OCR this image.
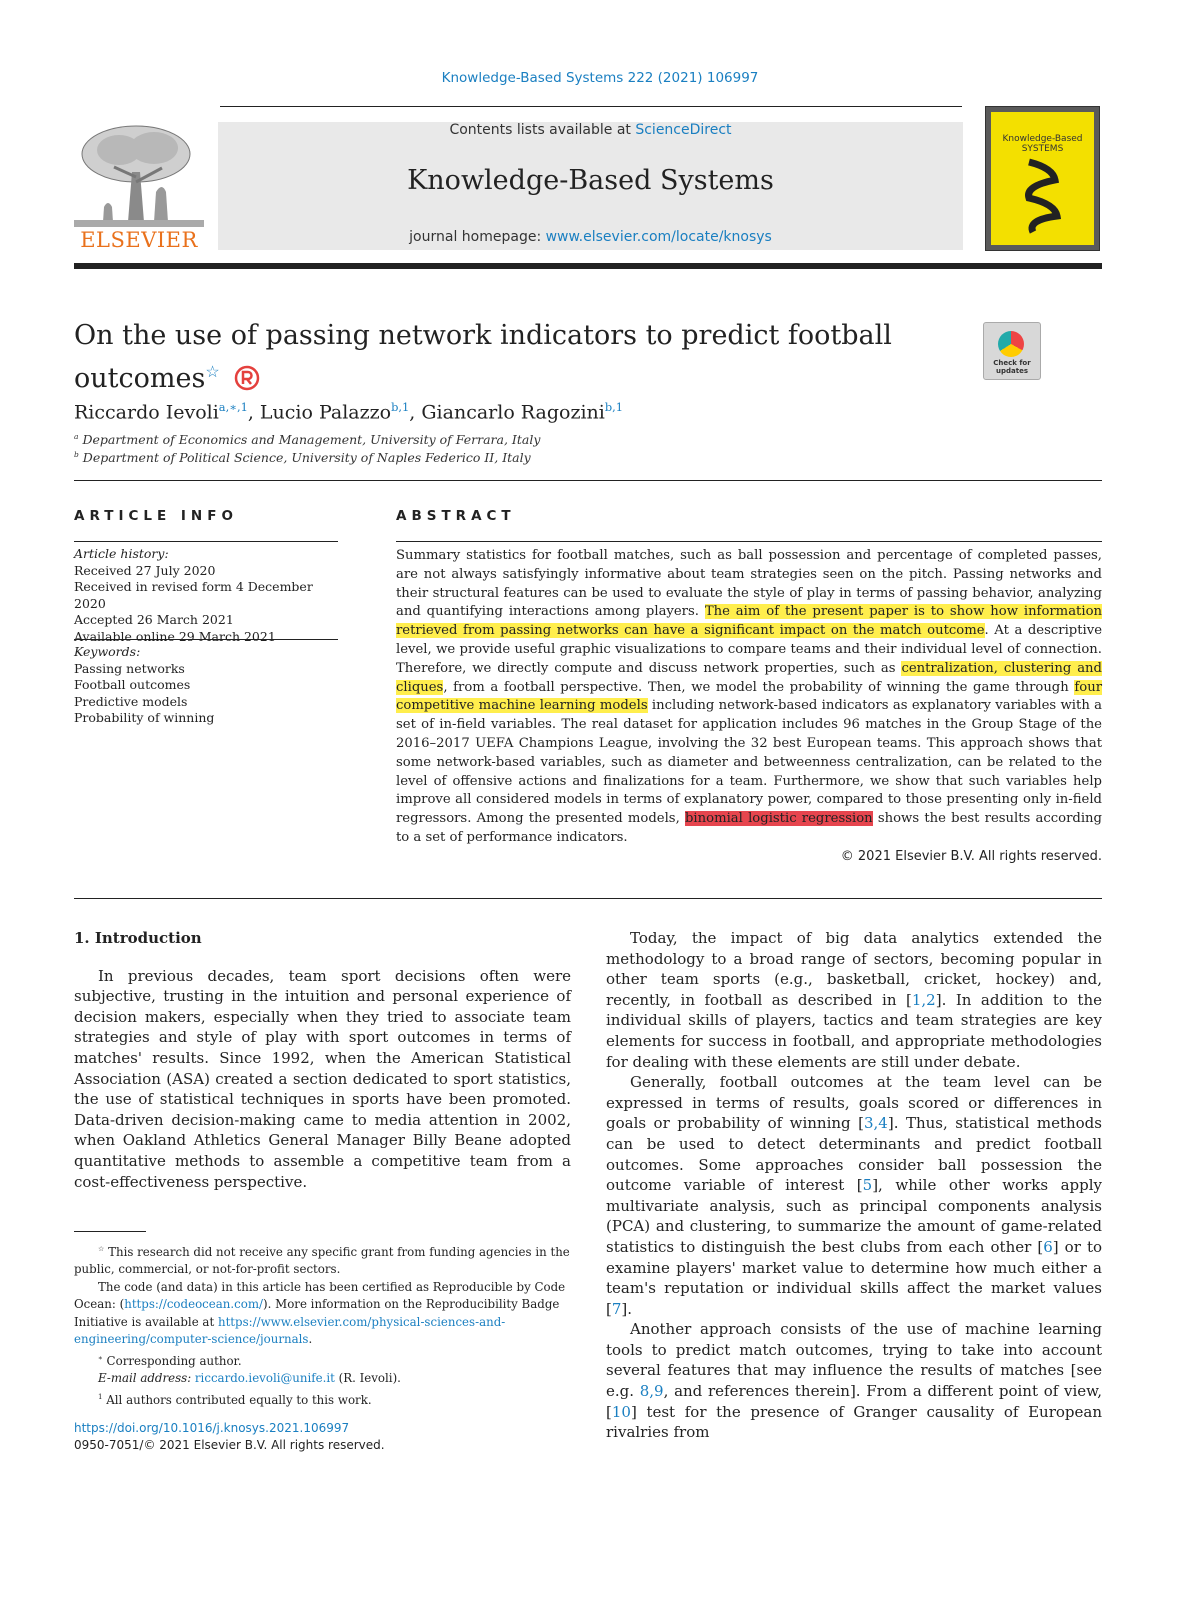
Knowledge-Based Systems 222 (2021) 106997
ELSEVIER
Contents lists available at ScienceDirect
Knowledge-Based Systems
journal homepage: www.elsevier.com/locate/knosys
Knowledge-Based SYSTEMS
On the use of passing network indicators to predict football
outcomes☆	Check for updates
Riccardo Ievoli$^{a,∗,1}$, Lucio Palazzo$^{b,1}$, Giancarlo Ragozini$^{b,1}$
$^a$ Department of Economics and Management, University of Ferrara, Italy
$^b$ Department of Political Science, University of Naples Federico II, Italy
ARTICLE INFO	ABSTRACT
Article history:
Received 27 July 2020
Received in revised form 4 December 2020
Accepted 26 March 2021
Available online 29 March 2021
Keywords:
Passing networks
Football outcomes
Predictive models
Probability of winning
Summary statistics for football matches, such as ball possession and percentage of completed passes, are not always satisfyingly informative about team strategies seen on the pitch. Passing networks and their structural features can be used to evaluate the style of play in terms of passing behavior, analyzing and quantifying interactions among players. The aim of the present paper is to show how information retrieved from passing networks can have a significant impact on the match outcome. At a descriptive level, we provide useful graphic visualizations to compare teams and their individual level of connection. Therefore, we directly compute and discuss network properties, such as centralization, clustering and cliques, from a football perspective. Then, we model the probability of winning the game through four competitive machine learning models including network-based indicators as explanatory variables with a set of in-field variables. The real dataset for application includes 96 matches in the Group Stage of the 2016–2017 UEFA Champions League, involving the 32 best European teams. This approach shows that some network-based variables, such as diameter and betweenness centralization, can be related to the level of offensive actions and finalizations for a team. Furthermore, we show that such variables help improve all considered models in terms of explanatory power, compared to those presenting only in-field regressors. Among the presented models, binomial logistic regression shows the best results according to a set of performance indicators.
© 2021 Elsevier B.V. All rights reserved.
1. Introduction

In previous decades, team sport decisions often were subjective, trusting in the intuition and personal experience of decision makers, especially when they tried to associate team strategies and style of play with sport outcomes in terms of matches' results. Since 1992, when the American Statistical Association (ASA) created a section dedicated to sport statistics, the use of statistical techniques in sports have been promoted. Data-driven decision-making came to media attention in 2002, when Oakland Athletics General Manager Billy Beane adopted quantitative methods to assemble a competitive team from a cost-effectiveness perspective.

Today, the impact of big data analytics extended the methodology to a broad range of sectors, becoming popular in other team sports (e.g., basketball, cricket, hockey) and, recently, in football as described in [1,2]. In addition to the individual skills of players, tactics and team strategies are key elements for success in football, and appropriate methodologies for dealing with these elements are still under debate.

Generally, football outcomes at the team level can be expressed in terms of results, goals scored or differences in goals or probability of winning [3,4]. Thus, statistical methods can be used to detect determinants and predict football outcomes. Some approaches consider ball possession the outcome variable of interest [5], while other works apply multivariate analysis, such as principal components analysis (PCA) and clustering, to summarize the amount of game-related statistics to distinguish the best clubs from each other [6] or to examine players' market value to determine how much either a team's reputation or individual skills affect the market values [7].

Another approach consists of the use of machine learning tools to predict match outcomes, trying to take into account several features that may influence the results of matches [see e.g. 8,9, and references therein]. From a different point of view, [10] test for the presence of Granger causality of European rivalries from

☆ This research did not receive any specific grant from funding agencies in the public, commercial, or not-for-profit sectors.

The code (and data) in this article has been certified as Reproducible by Code Ocean: (https://codeocean.com/). More information on the Reproducibility Badge Initiative is available at https://www.elsevier.com/physical-sciences-and-engineering/computer-science/journals.

∗ Corresponding author.

E-mail address: riccardo.ievoli@unife.it (R. Ievoli).

$^1$ All authors contributed equally to this work.

https://doi.org/10.1016/j.knosys.2021.106997
0950-7051/© 2021 Elsevier B.V. All rights reserved.
